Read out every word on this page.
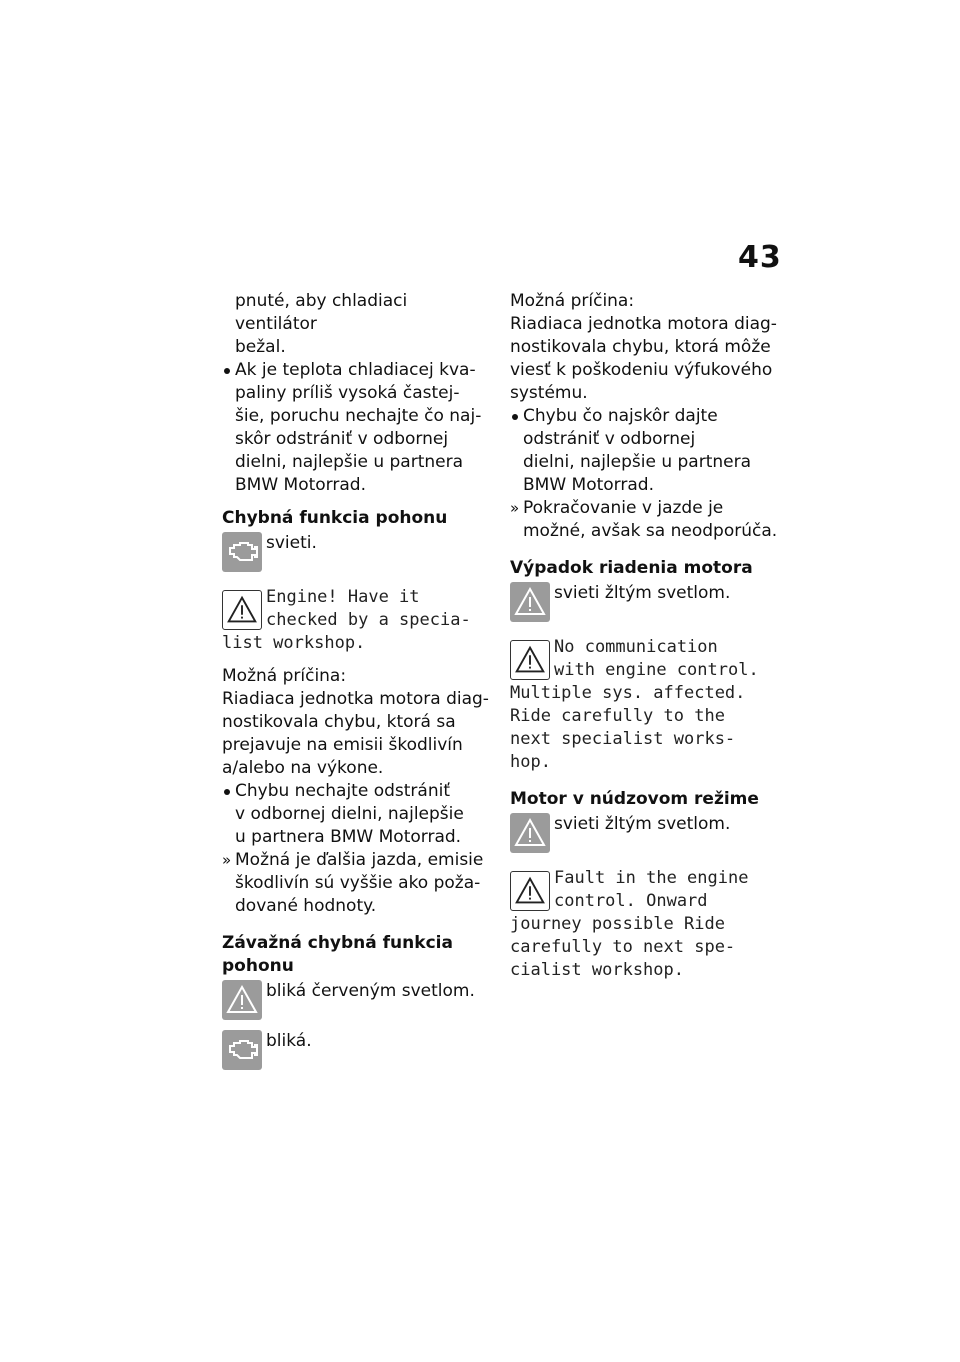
43
pnuté, aby chladiaci ventilátor
bežal.
Ak je teplota chladiacej kva-
paliny príliš vysoká častej-
šie, poruchu nechajte čo naj-
skôr odstrániť v odbornej
dielni, najlepšie u partnera
BMW Motorrad.
Chybná funkcia pohonu
svieti.
Engine! Have it
checked by a specia-
list workshop.
Možná príčina:
Riadiaca jednotka motora diag-
nostikovala chybu, ktorá sa
prejavuje na emisii škodlivín
a/alebo na výkone.
Chybu nechajte odstrániť
v odbornej dielni, najlepšie
u partnera BMW Motorrad.
» Možná je ďalšia jazda, emisie
škodlivín sú vyššie ako poža-
dované hodnoty.
Závažná chybná funkcia
pohonu
bliká červeným svetlom.
bliká.
Možná príčina:
Riadiaca jednotka motora diag-
nostikovala chybu, ktorá môže
viesť k poškodeniu výfukového
systému.
Chybu čo najskôr dajte
odstrániť v odbornej
dielni, najlepšie u partnera
BMW Motorrad.
» Pokračovanie v jazde je
možné, avšak sa neodporúča.
Výpadok riadenia motora
svieti žltým svetlom.
No communication
with engine control.
Multiple sys. affected.
Ride carefully to the
next specialist works-
hop.
Motor v núdzovom režime
svieti žltým svetlom.
Fault in the engine
control. Onward
journey possible Ride
carefully to next spe-
cialist workshop.
